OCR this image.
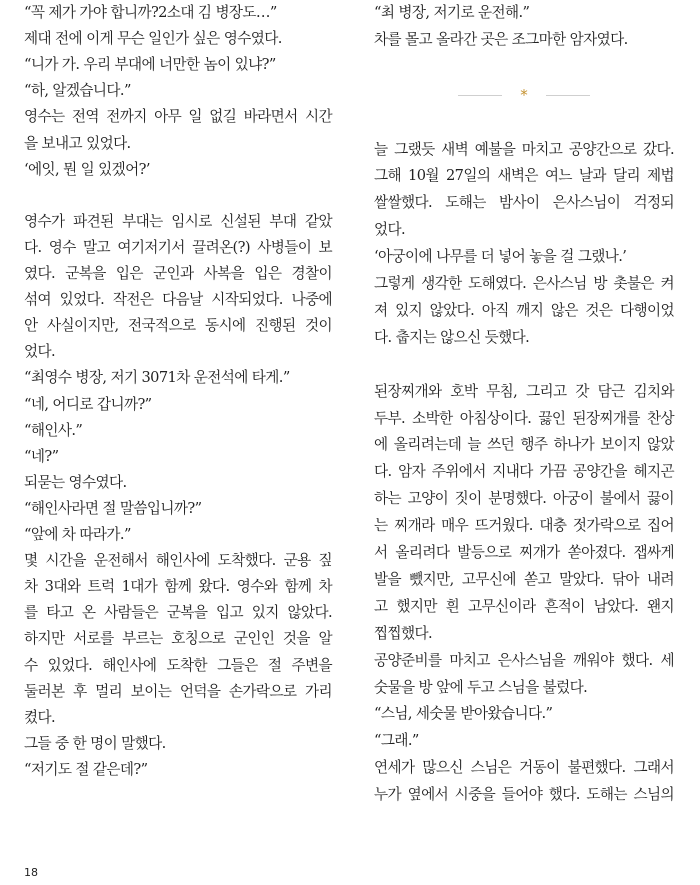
“꼭 제가 가야 합니까?2소대 김 병장도…”
제대 전에 이게 무슨 일인가 싶은 영수였다.
“니가 가. 우리 부대에 너만한 놈이 있냐?”
“하, 알겠습니다.”
영수는 전역 전까지 아무 일 없길 바라면서 시간
을 보내고 있었다.
‘에잇, 뭔 일 있겠어?’
영수가 파견된 부대는 임시로 신설된 부대 같았
다. 영수 말고 여기저기서 끌려온(?) 사병들이 보
였다. 군복을 입은 군인과 사복을 입은 경찰이
섞여 있었다. 작전은 다음날 시작되었다. 나중에
안 사실이지만, 전국적으로 동시에 진행된 것이
었다.
“최영수 병장, 저기 3071차 운전석에 타게.”
“네, 어디로 갑니까?”
“해인사.”
“네?”
되묻는 영수였다.
“해인사라면 절 말씀입니까?”
“앞에 차 따라가.”
몇 시간을 운전해서 해인사에 도착했다. 군용 짚
차 3대와 트럭 1대가 함께 왔다. 영수와 함께 차
를 타고 온 사람들은 군복을 입고 있지 않았다.
하지만 서로를 부르는 호칭으로 군인인 것을 알
수 있었다. 해인사에 도착한 그들은 절 주변을
둘러본 후 멀리 보이는 언덕을 손가락으로 가리
켰다.
그들 중 한 명이 말했다.
“저기도 절 같은데?”
“최 병장, 저기로 운전해.”
차를 몰고 올라간 곳은 조그마한 암자였다.
*
늘 그랬듯 새벽 예불을 마치고 공양간으로 갔다.
그해 10월 27일의 새벽은 여느 날과 달리 제법
쌀쌀했다. 도해는 밤사이 은사스님이 걱정되
었다.
‘아궁이에 나무를 더 넣어 놓을 걸 그랬나.’
그렇게 생각한 도해였다. 은사스님 방 촛불은 켜
져 있지 않았다. 아직 깨지 않은 것은 다행이었
다. 춥지는 않으신 듯했다.
된장찌개와 호박 무침, 그리고 갓 담근 김치와
두부. 소박한 아침상이다. 끓인 된장찌개를 찬상
에 올리려는데 늘 쓰던 행주 하나가 보이지 않았
다. 암자 주위에서 지내다 가끔 공양간을 헤지곤
하는 고양이 짓이 분명했다. 아궁이 불에서 끓이
는 찌개라 매우 뜨거웠다. 대충 젓가락으로 집어
서 올리려다 발등으로 찌개가 쏟아졌다. 잽싸게
발을 뺐지만, 고무신에 쏟고 말았다. 닦아 내려
고 했지만 흰 고무신이라 흔적이 남았다. 왠지
찝찝했다.
공양준비를 마치고 은사스님을 깨워야 했다. 세
숫물을 방 앞에 두고 스님을 불렀다.
“스님, 세숫물 받아왔습니다.”
“그래.”
연세가 많으신 스님은 거동이 불편했다. 그래서
누가 옆에서 시중을 들어야 했다. 도해는 스님의
18
